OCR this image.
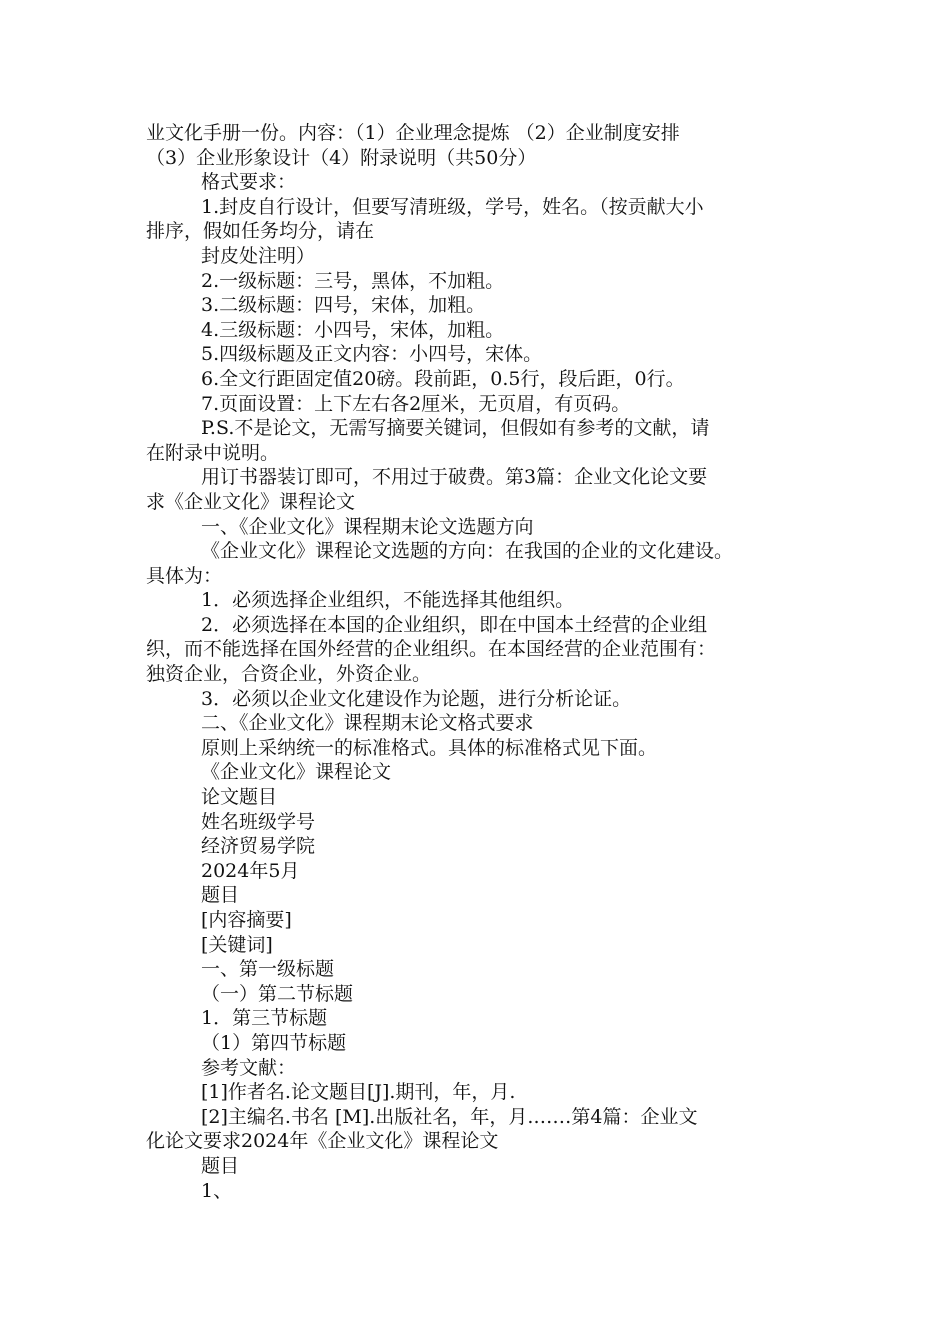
业文化手册一份。内容：（1）企业理念提炼 （2）企业制度安排
（3）企业形象设计（4）附录说明（共50分）
格式要求：
1.封皮自行设计，但要写清班级，学号，姓名。（按贡献大小
排序，假如任务均分，请在
封皮处注明）
2.一级标题：三号，黑体，不加粗。
3.二级标题：四号，宋体，加粗。
4.三级标题：小四号，宋体，加粗。
5.四级标题及正文内容：小四号，宋体。
6.全文行距固定值20磅。段前距，0.5行，段后距，0行。
7.页面设置：上下左右各2厘米，无页眉，有页码。
P.S.不是论文，无需写摘要关键词，但假如有参考的文献，请
在附录中说明。
用订书器装订即可，不用过于破费。第3篇：企业文化论文要
求《企业文化》课程论文
一、《企业文化》课程期末论文选题方向
《企业文化》课程论文选题的方向：在我国的企业的文化建设。
具体为：
1．必须选择企业组织，不能选择其他组织。
2．必须选择在本国的企业组织，即在中国本土经营的企业组
织，而不能选择在国外经营的企业组织。在本国经营的企业范围有：
独资企业，合资企业，外资企业。
3．必须以企业文化建设作为论题，进行分析论证。
二、《企业文化》课程期末论文格式要求
原则上采纳统一的标准格式。具体的标准格式见下面。
《企业文化》课程论文
论文题目
姓名班级学号
经济贸易学院
2024年5月
题目
[内容摘要]
[关键词]
一、第一级标题
（一）第二节标题
1．第三节标题
（1）第四节标题
参考文献：
[1]作者名.论文题目[J].期刊，年，月.
[2]主编名.书名 [M].出版社名，年，月.……第4篇：企业文
化论文要求2024年《企业文化》课程论文
题目
1、
